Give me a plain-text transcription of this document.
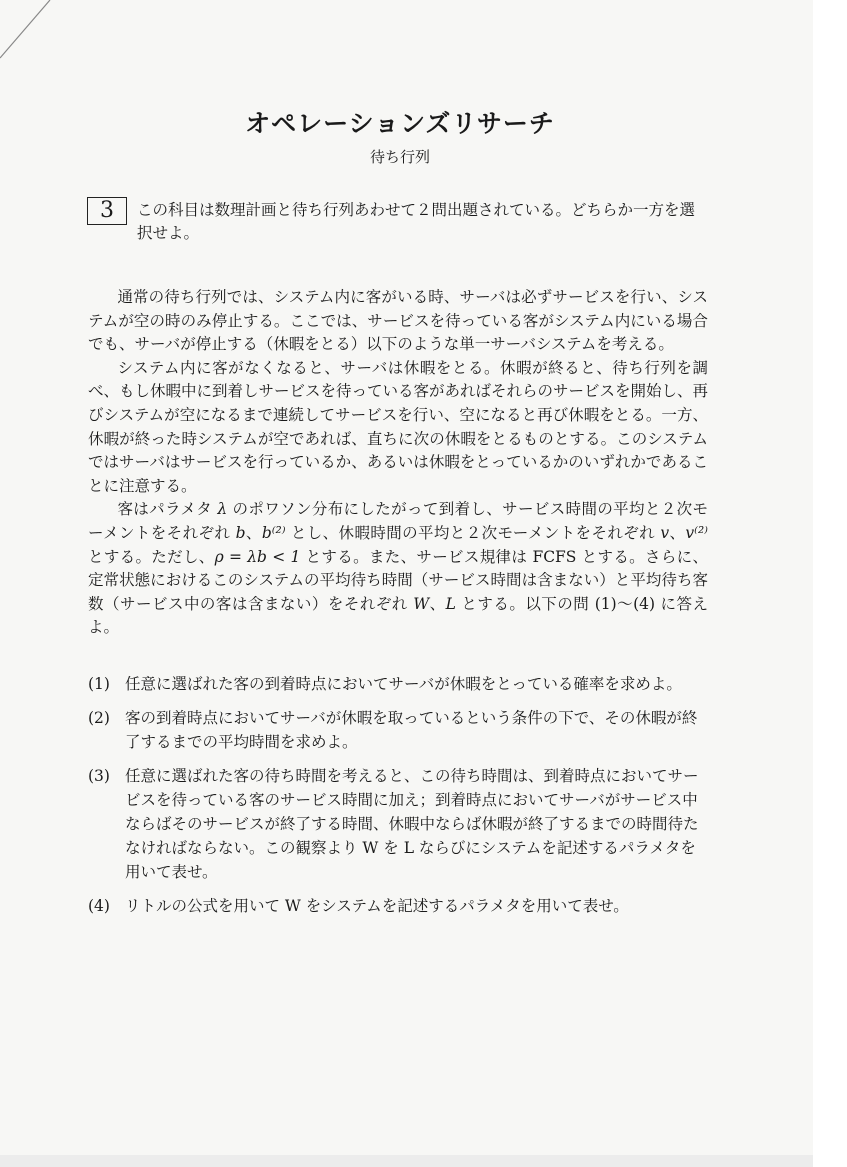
オペレーションズリサーチ
待ち行列
3	この科目は数理計画と待ち行列あわせて２問出題されている。どちらか一方を選択せよ。

通常の待ち行列では、システム内に客がいる時、サーバは必ずサービスを行い、システムが空の時のみ停止する。ここでは、サービスを待っている客がシステム内にいる場合でも、サーバが停止する（休暇をとる）以下のような単一サーバシステムを考える。

システム内に客がなくなると、サーバは休暇をとる。休暇が終ると、待ち行列を調べ、もし休暇中に到着しサービスを待っている客があればそれらのサービスを開始し、再びシステムが空になるまで連続してサービスを行い、空になると再び休暇をとる。一方、休暇が終った時システムが空であれば、直ちに次の休暇をとるものとする。このシステムではサーバはサービスを行っているか、あるいは休暇をとっているかのいずれかであることに注意する。

客はパラメタ λ のポワソン分布にしたがって到着し、サービス時間の平均と２次モーメントをそれぞれ b、b⁽²⁾ とし、休暇時間の平均と２次モーメントをそれぞれ v、v⁽²⁾ とする。ただし、ρ = λb < 1 とする。また、サービス規律は FCFS とする。さらに、定常状態におけるこのシステムの平均待ち時間（サービス時間は含まない）と平均待ち客数（サービス中の客は含まない）をそれぞれ W、L とする。以下の問 (1)〜(4) に答えよ。

(1) 任意に選ばれた客の到着時点においてサーバが休暇をとっている確率を求めよ。
(2) 客の到着時点においてサーバが休暇を取っているという条件の下で、その休暇が終了するまでの平均時間を求めよ。
(3) 任意に選ばれた客の待ち時間を考えると、この待ち時間は、到着時点においてサービスを待っている客のサービス時間に加え；到着時点においてサーバがサービス中ならばそのサービスが終了する時間、休暇中ならば休暇が終了するまでの時間待たなければならない。この観察より W を L ならびにシステムを記述するパラメタを用いて表せ。
(4) リトルの公式を用いて W をシステムを記述するパラメタを用いて表せ。
